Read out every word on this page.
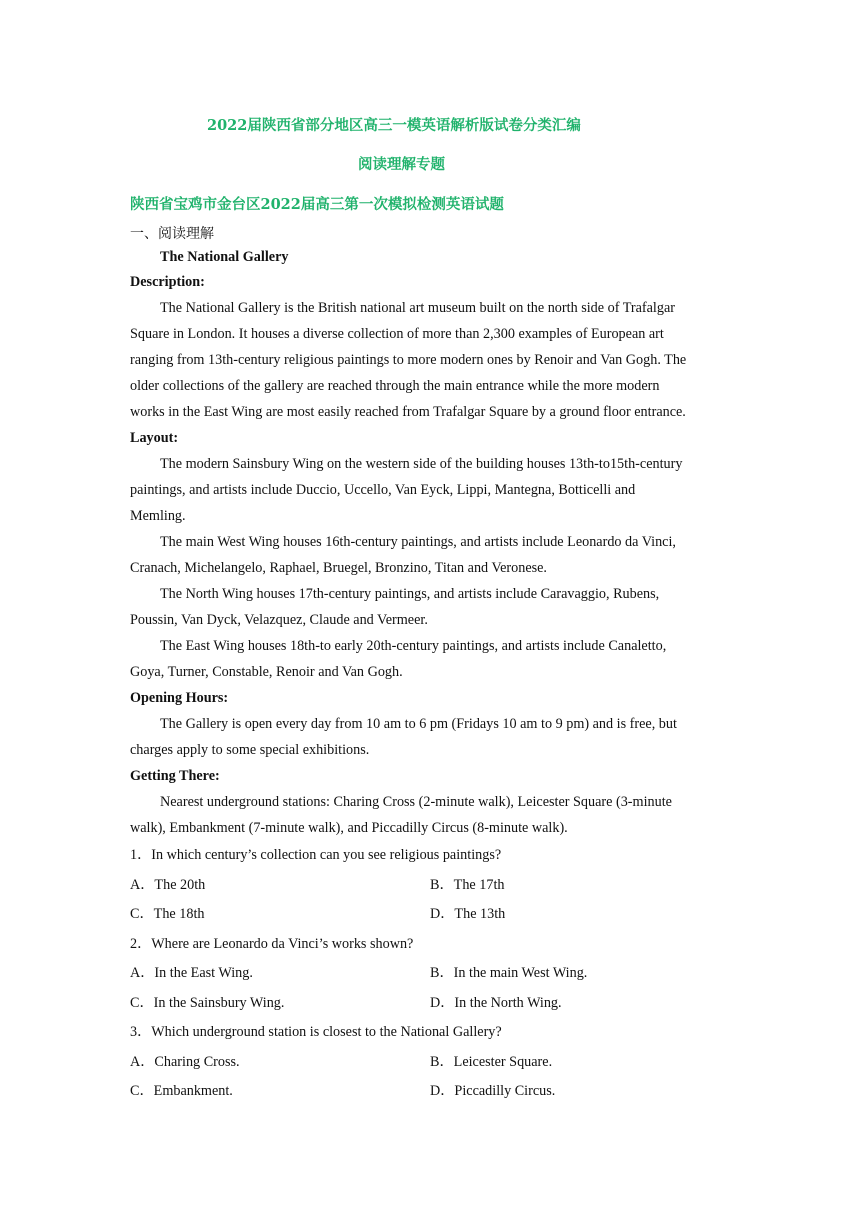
2022届陕西省部分地区高三一模英语解析版试卷分类汇编
阅读理解专题
陕西省宝鸡市金台区2022届高三第一次模拟检测英语试题
一、阅读理解
The National Gallery
Description:
The National Gallery is the British national art museum built on the north side of Trafalgar
Square in London. It houses a diverse collection of more than 2,300 examples of European art
ranging from 13th-century religious paintings to more modern ones by Renoir and Van Gogh. The
older collections of the gallery are reached through the main entrance while the more modern
works in the East Wing are most easily reached from Trafalgar Square by a ground floor entrance.
Layout:
The modern Sainsbury Wing on the western side of the building houses 13th-to15th-century
paintings, and artists include Duccio, Uccello, Van Eyck, Lippi, Mantegna, Botticelli and
Memling.
The main West Wing houses 16th-century paintings, and artists include Leonardo da Vinci,
Cranach, Michelangelo, Raphael, Bruegel, Bronzino, Titan and Veronese.
The North Wing houses 17th-century paintings, and artists include Caravaggio, Rubens,
Poussin, Van Dyck, Velazquez, Claude and Vermeer.
The East Wing houses 18th-to early 20th-century paintings, and artists include Canaletto,
Goya, Turner, Constable, Renoir and Van Gogh.
Opening Hours:
The Gallery is open every day from 10 am to 6 pm (Fridays 10 am to 9 pm) and is free, but
charges apply to some special exhibitions.
Getting There:
Nearest underground stations: Charing Cross (2-minute walk), Leicester Square (3-minute
walk), Embankment (7-minute walk), and Piccadilly Circus (8-minute walk).
1．In which century’s collection can you see religious paintings?
A．The 20th	B．The 17th
C．The 18th	D．The 13th
2．Where are Leonardo da Vinci’s works shown?
A．In the East Wing.	B．In the main West Wing.
C．In the Sainsbury Wing.	D．In the North Wing.
3．Which underground station is closest to the National Gallery?
A．Charing Cross.	B．Leicester Square.
C．Embankment.	D．Piccadilly Circus.
